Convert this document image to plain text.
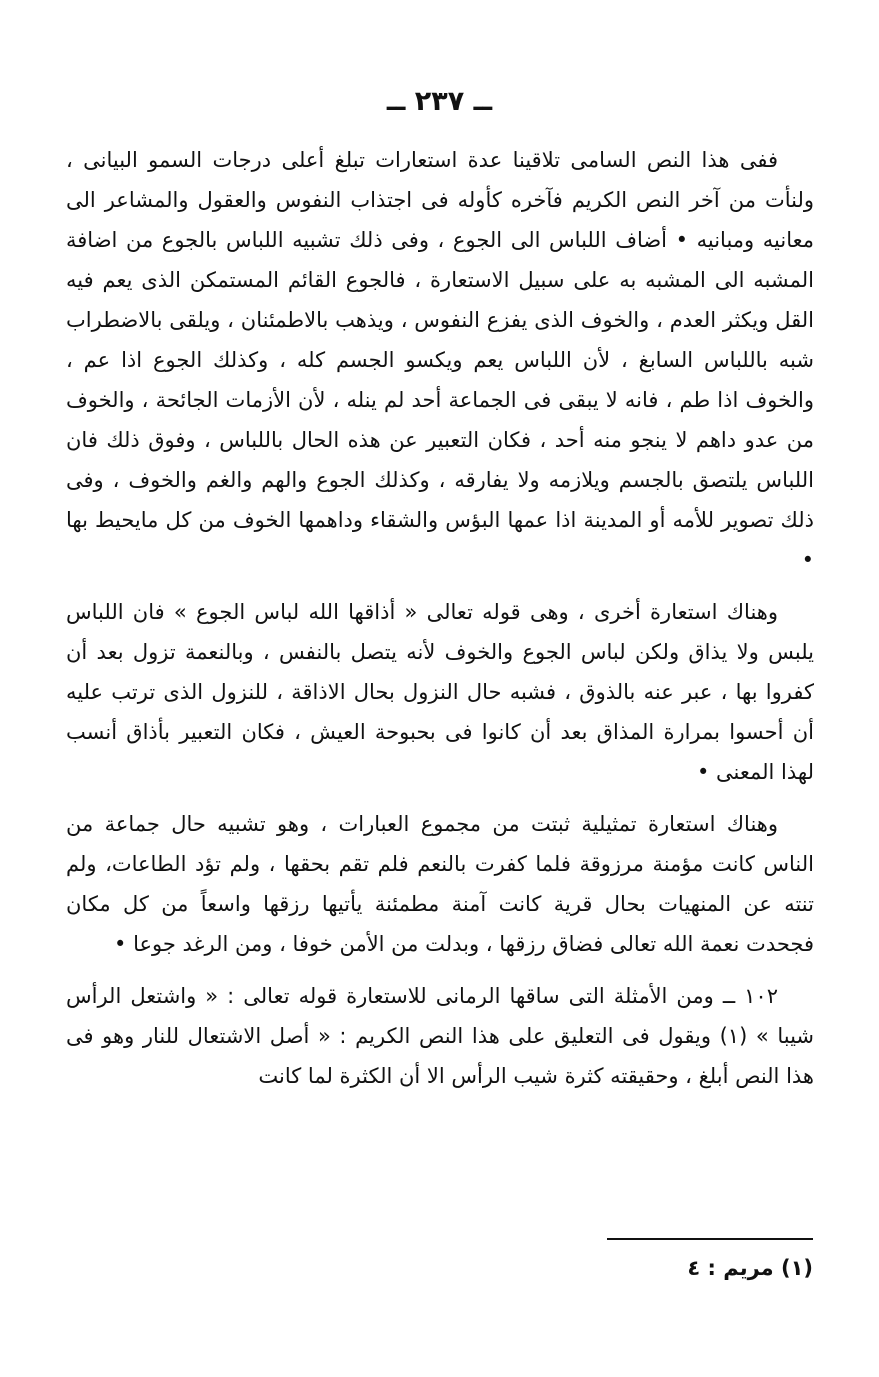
ــ ٢٣٧ ــ

ففى هذا النص السامى تلاقينا عدة استعارات تبلغ أعلى درجات السمو البيانى ، ولنأت من آخر النص الكريم فآخره كأوله فى اجتذاب النفوس والعقول والمشاعر الى معانيه ومبانيه • أضاف اللباس الى الجوع ، وفى ذلك تشبيه اللباس بالجوع من اضافة المشبه الى المشبه به على سبيل الاستعارة ، فالجوع القائم المستمكن الذى يعم فيه القل ويكثر العدم ، والخوف الذى يفزع النفوس ، ويذهب بالاطمئنان ، ويلقى بالاضطراب شبه باللباس السابغ ، لأن اللباس يعم ويكسو الجسم كله ، وكذلك الجوع اذا عم ، والخوف اذا طم ، فانه لا يبقى فى الجماعة أحد لم ينله ، لأن الأزمات الجائحة ، والخوف من عدو داهم لا ينجو منه أحد ، فكان التعبير عن هذه الحال باللباس ، وفوق ذلك فان اللباس يلتصق بالجسم ويلازمه ولا يفارقه ، وكذلك الجوع والهم والغم والخوف ، وفى ذلك تصوير للأمه أو المدينة اذا عمها البؤس والشقاء وداهمها الخوف من كل مايحيط بها •

وهناك استعارة أخرى ، وهى قوله تعالى « أذاقها الله لباس الجوع » فان اللباس يلبس ولا يذاق ولكن لباس الجوع والخوف لأنه يتصل بالنفس ، وبالنعمة تزول بعد أن كفروا بها ، عبر عنه بالذوق ، فشبه حال النزول بحال الاذاقة ، للنزول الذى ترتب عليه أن أحسوا بمرارة المذاق بعد أن كانوا فى بحبوحة العيش ، فكان التعبير بأذاق أنسب لهذا المعنى •

وهناك استعارة تمثيلية ثبتت من مجموع العبارات ، وهو تشبيه حال جماعة من الناس كانت مؤمنة مرزوقة فلما كفرت بالنعم فلم تقم بحقها ، ولم تؤد الطاعات، ولم تنته عن المنهيات بحال قرية كانت آمنة مطمئنة يأتيها رزقها واسعاً من كل مكان فجحدت نعمة الله تعالى فضاق رزقها ، وبدلت من الأمن خوفا ، ومن الرغد جوعا •

١٠٢ ــ ومن الأمثلة التى ساقها الرمانى للاستعارة قوله تعالى : « واشتعل الرأس شيبا » (١) ويقول فى التعليق على هذا النص الكريم : « أصل الاشتعال للنار وهو فى هذا النص أبلغ ، وحقيقته كثرة شيب الرأس الا أن الكثرة لما كانت

(١) مريم : ٤
